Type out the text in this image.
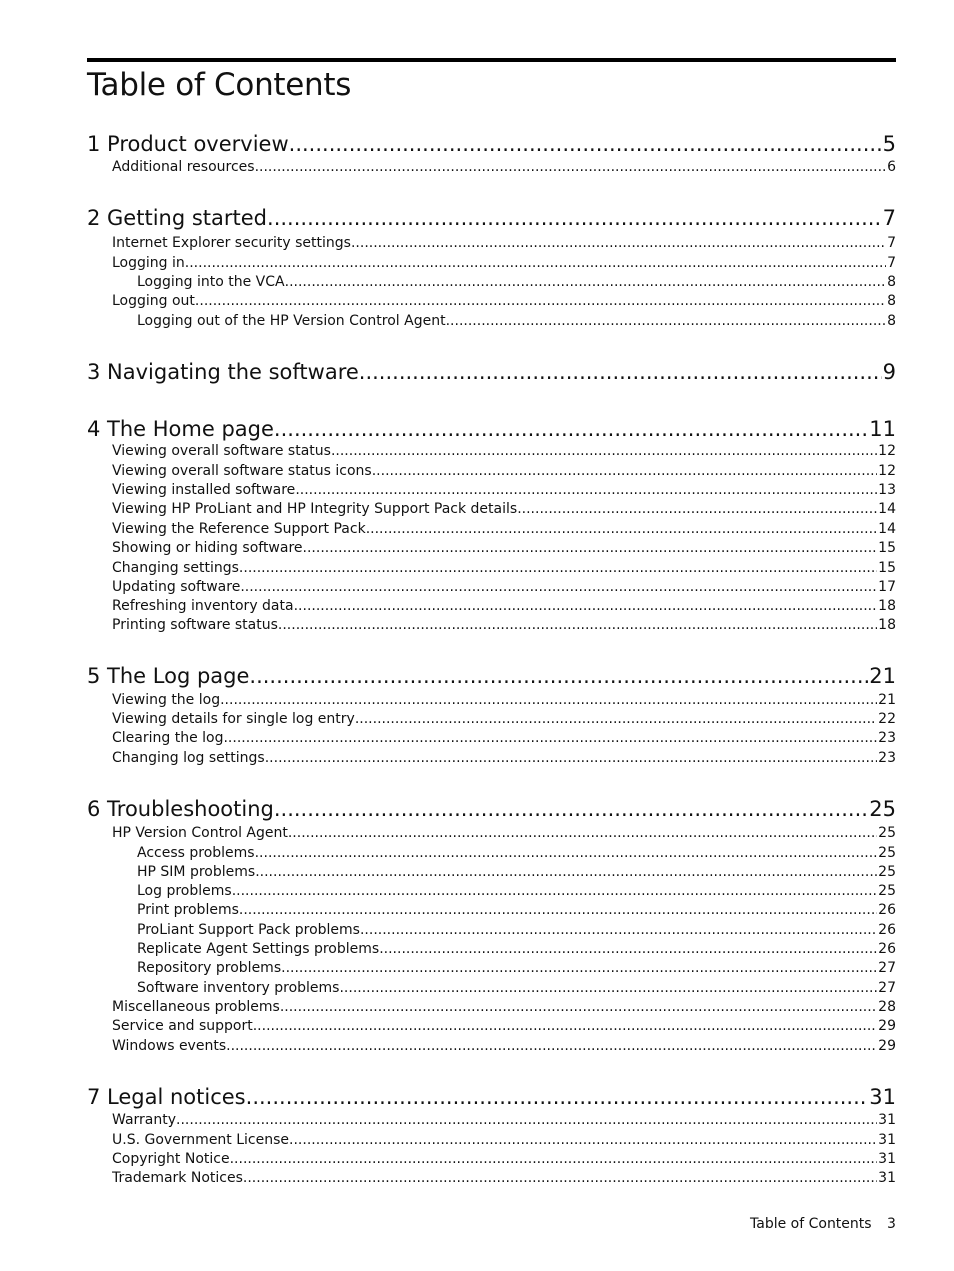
Table of Contents
1 Product overview .....	5
Additional resources .....	6
2 Getting started .....	7
Internet Explorer security settings .....	7
Logging in .....	7
Logging into the VCA .....	8
Logging out .....	8
Logging out of the HP Version Control Agent .....	8
3 Navigating the software .....	9
4 The Home page .....	11
Viewing overall software status .....	12
Viewing overall software status icons .....	12
Viewing installed software .....	13
Viewing HP ProLiant and HP Integrity Support Pack details .....	14
Viewing the Reference Support Pack .....	14
Showing or hiding software .....	15
Changing settings .....	15
Updating software .....	17
Refreshing inventory data .....	18
Printing software status .....	18
5 The Log page .....	21
Viewing the log .....	21
Viewing details for single log entry .....	22
Clearing the log .....	23
Changing log settings .....	23
6 Troubleshooting .....	25
HP Version Control Agent .....	25
Access problems .....	25
HP SIM problems .....	25
Log problems .....	25
Print problems .....	26
ProLiant Support Pack problems .....	26
Replicate Agent Settings problems .....	26
Repository problems .....	27
Software inventory problems .....	27
Miscellaneous problems .....	28
Service and support .....	29
Windows events .....	29
7 Legal notices .....	31
Warranty .....	31
U.S. Government License .....	31
Copyright Notice .....	31
Trademark Notices .....	31
Table of Contents 3
